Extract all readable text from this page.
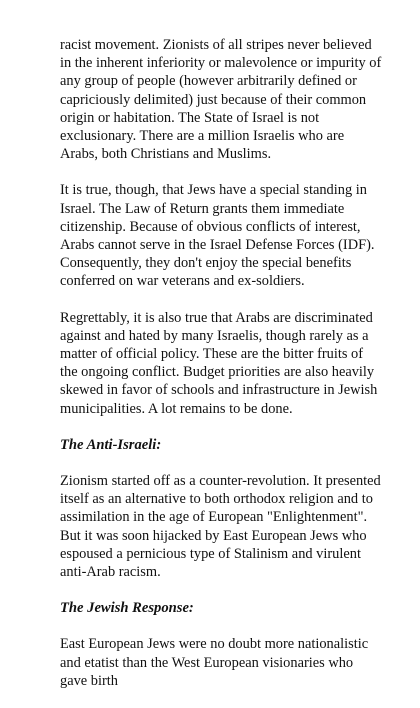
racist movement. Zionists of all stripes never believed in the inherent inferiority or malevolence or impurity of any group of people (however arbitrarily defined or capriciously delimited) just because of their common origin or habitation. The State of Israel is not exclusionary. There are a million Israelis who are Arabs, both Christians and Muslims.

It is true, though, that Jews have a special standing in Israel. The Law of Return grants them immediate citizenship. Because of obvious conflicts of interest, Arabs cannot serve in the Israel Defense Forces (IDF). Consequently, they don't enjoy the special benefits conferred on war veterans and ex-soldiers.

Regrettably, it is also true that Arabs are discriminated against and hated by many Israelis, though rarely as a matter of official policy. These are the bitter fruits of the ongoing conflict. Budget priorities are also heavily skewed in favor of schools and infrastructure in Jewish municipalities. A lot remains to be done.

The Anti-Israeli:

Zionism started off as a counter-revolution. It presented itself as an alternative to both orthodox religion and to assimilation in the age of European "Enlightenment". But it was soon hijacked by East European Jews who espoused a pernicious type of Stalinism and virulent anti-Arab racism.

The Jewish Response:

East European Jews were no doubt more nationalistic and etatist than the West European visionaries who gave birth
